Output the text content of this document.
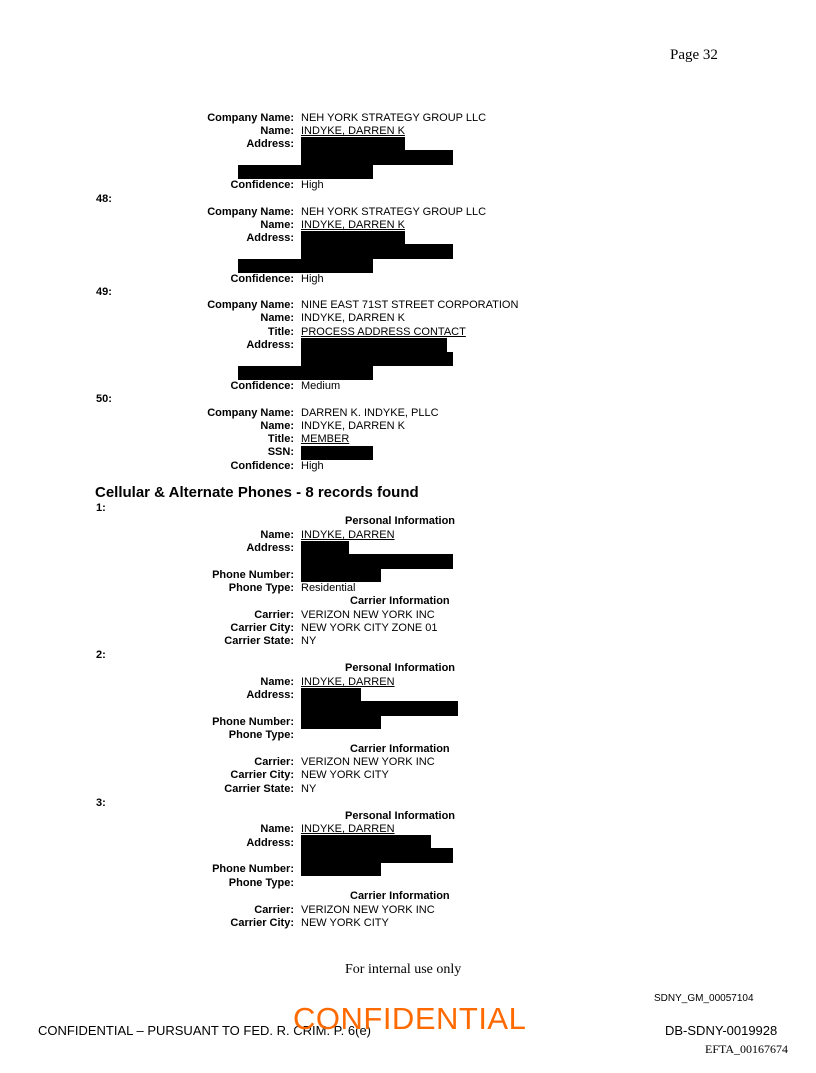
Page 32
Company Name: NEH YORK STRATEGY GROUP LLC
Name: INDYKE, DARREN K
Address:
Confidence: High
48:
Company Name: NEH YORK STRATEGY GROUP LLC
Name: INDYKE, DARREN K
Address:
Confidence: High
49:
Company Name: NINE EAST 71ST STREET CORPORATION
Name: INDYKE, DARREN K
Title: PROCESS ADDRESS CONTACT
Address:
Confidence: Medium
50:
Company Name: DARREN K. INDYKE, PLLC
Name: INDYKE, DARREN K
Title: MEMBER
SSN:
Confidence: High
Cellular & Alternate Phones - 8 records found
1:
Personal Information
Name: INDYKE, DARREN
Address:
Phone Number:
Phone Type: Residential
Carrier Information
Carrier: VERIZON NEW YORK INC
Carrier City: NEW YORK CITY ZONE 01
Carrier State: NY
2:
Personal Information
Name: INDYKE, DARREN
Address:
Phone Number:
Phone Type:
Carrier Information
Carrier: VERIZON NEW YORK INC
Carrier City: NEW YORK CITY
Carrier State: NY
3:
Personal Information
Name: INDYKE, DARREN
Address:
Phone Number:
Phone Type:
Carrier Information
Carrier: VERIZON NEW YORK INC
Carrier City: NEW YORK CITY
For internal use only
SDNY_GM_00057104
CONFIDENTIAL – PURSUANT TO FED. R. CRIM. P. 6(e)
CONFIDENTIAL	DB-SDNY-0019928
EFTA_00167674
